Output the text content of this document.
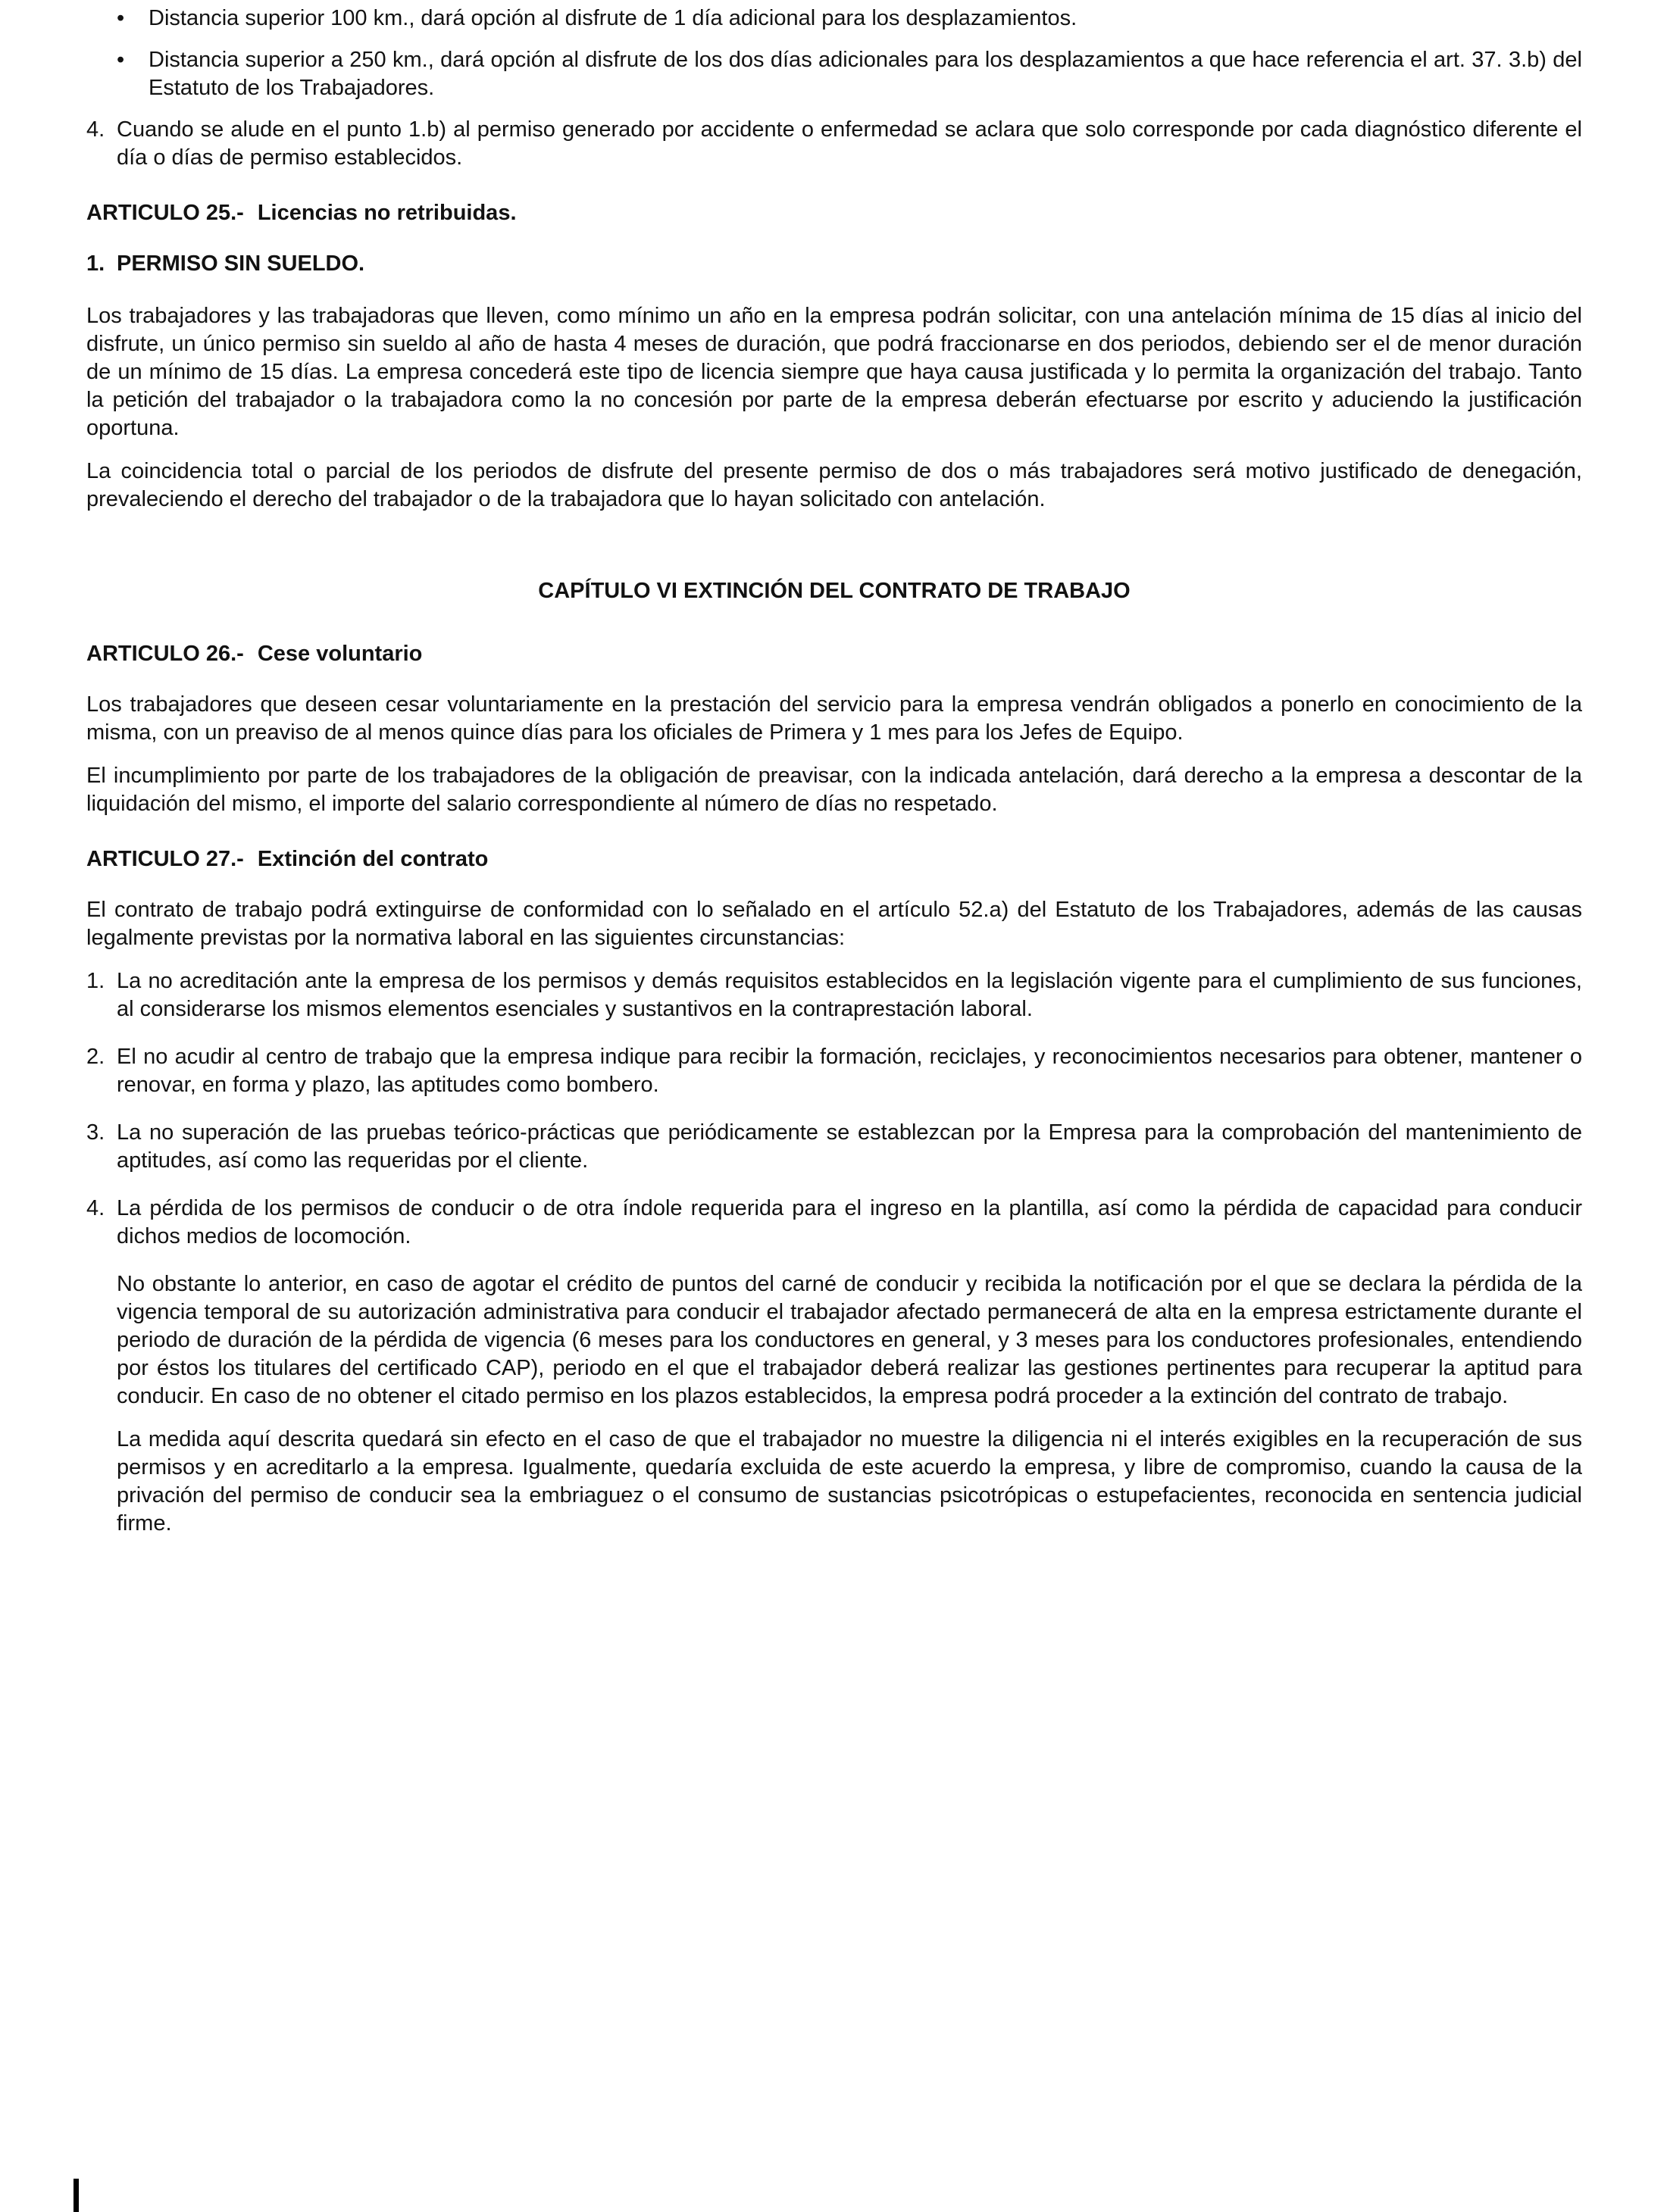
•	Distancia superior 100 km., dará opción al disfrute de 1 día adicional para los desplazamientos.
•	Distancia superior a 250 km., dará opción al disfrute de los dos días adicionales para los desplazamientos a que hace referencia el art. 37. 3.b) del Estatuto de los Trabajadores.
4. Cuando se alude en el punto 1.b) al permiso generado por accidente o enfermedad se aclara que solo corresponde por cada diagnóstico diferente el día o días de permiso establecidos.
ARTICULO 25.- Licencias no retribuidas.
1. PERMISO SIN SUELDO.

Los trabajadores y las trabajadoras que lleven, como mínimo un año en la empresa podrán solicitar, con una antelación mínima de 15 días al inicio del disfrute, un único permiso sin sueldo al año de hasta 4 meses de duración, que podrá fraccionarse en dos periodos, debiendo ser el de menor duración de un mínimo de 15 días. La empresa concederá este tipo de licencia siempre que haya causa justificada y lo permita la organización del trabajo. Tanto la petición del trabajador o la trabajadora como la no concesión por parte de la empresa deberán efectuarse por escrito y aduciendo la justificación oportuna.

La coincidencia total o parcial de los periodos de disfrute del presente permiso de dos o más trabajadores será motivo justificado de denegación, prevaleciendo el derecho del trabajador o de la trabajadora que lo hayan solicitado con antelación.

CAPÍTULO VI EXTINCIÓN DEL CONTRATO DE TRABAJO
ARTICULO 26.- Cese voluntario

Los trabajadores que deseen cesar voluntariamente en la prestación del servicio para la empresa vendrán obligados a ponerlo en conocimiento de la misma, con un preaviso de al menos quince días para los oficiales de Primera y 1 mes para los Jefes de Equipo.

El incumplimiento por parte de los trabajadores de la obligación de preavisar, con la indicada antelación, dará derecho a la empresa a descontar de la liquidación del mismo, el importe del salario correspondiente al número de días no respetado.

ARTICULO 27.- Extinción del contrato

El contrato de trabajo podrá extinguirse de conformidad con lo señalado en el artículo 52.a) del Estatuto de los Trabajadores, además de las causas legalmente previstas por la normativa laboral en las siguientes circunstancias:

1. La no acreditación ante la empresa de los permisos y demás requisitos establecidos en la legislación vigente para el cumplimiento de sus funciones, al considerarse los mismos elementos esenciales y sustantivos en la contraprestación laboral.
2. El no acudir al centro de trabajo que la empresa indique para recibir la formación, reciclajes, y reconocimientos necesarios para obtener, mantener o renovar, en forma y plazo, las aptitudes como bombero.
3. La no superación de las pruebas teórico-prácticas que periódicamente se establezcan por la Empresa para la comprobación del mantenimiento de aptitudes, así como las requeridas por el cliente.
4. La pérdida de los permisos de conducir o de otra índole requerida para el ingreso en la plantilla, así como la pérdida de capacidad para conducir dichos medios de locomoción.

No obstante lo anterior, en caso de agotar el crédito de puntos del carné de conducir y recibida la notificación por el que se declara la pérdida de la vigencia temporal de su autorización administrativa para conducir el trabajador afectado permanecerá de alta en la empresa estrictamente durante el periodo de duración de la pérdida de vigencia (6 meses para los conductores en general, y 3 meses para los conductores profesionales, entendiendo por éstos los titulares del certificado CAP), periodo en el que el trabajador deberá realizar las gestiones pertinentes para recuperar la aptitud para conducir. En caso de no obtener el citado permiso en los plazos establecidos, la empresa podrá proceder a la extinción del contrato de trabajo.

La medida aquí descrita quedará sin efecto en el caso de que el trabajador no muestre la diligencia ni el interés exigibles en la recuperación de sus permisos y en acreditarlo a la empresa. Igualmente, quedaría excluida de este acuerdo la empresa, y libre de compromiso, cuando la causa de la privación del permiso de conducir sea la embriaguez o el consumo de sustancias psicotrópicas o estupefacientes, reconocida en sentencia judicial firme.
